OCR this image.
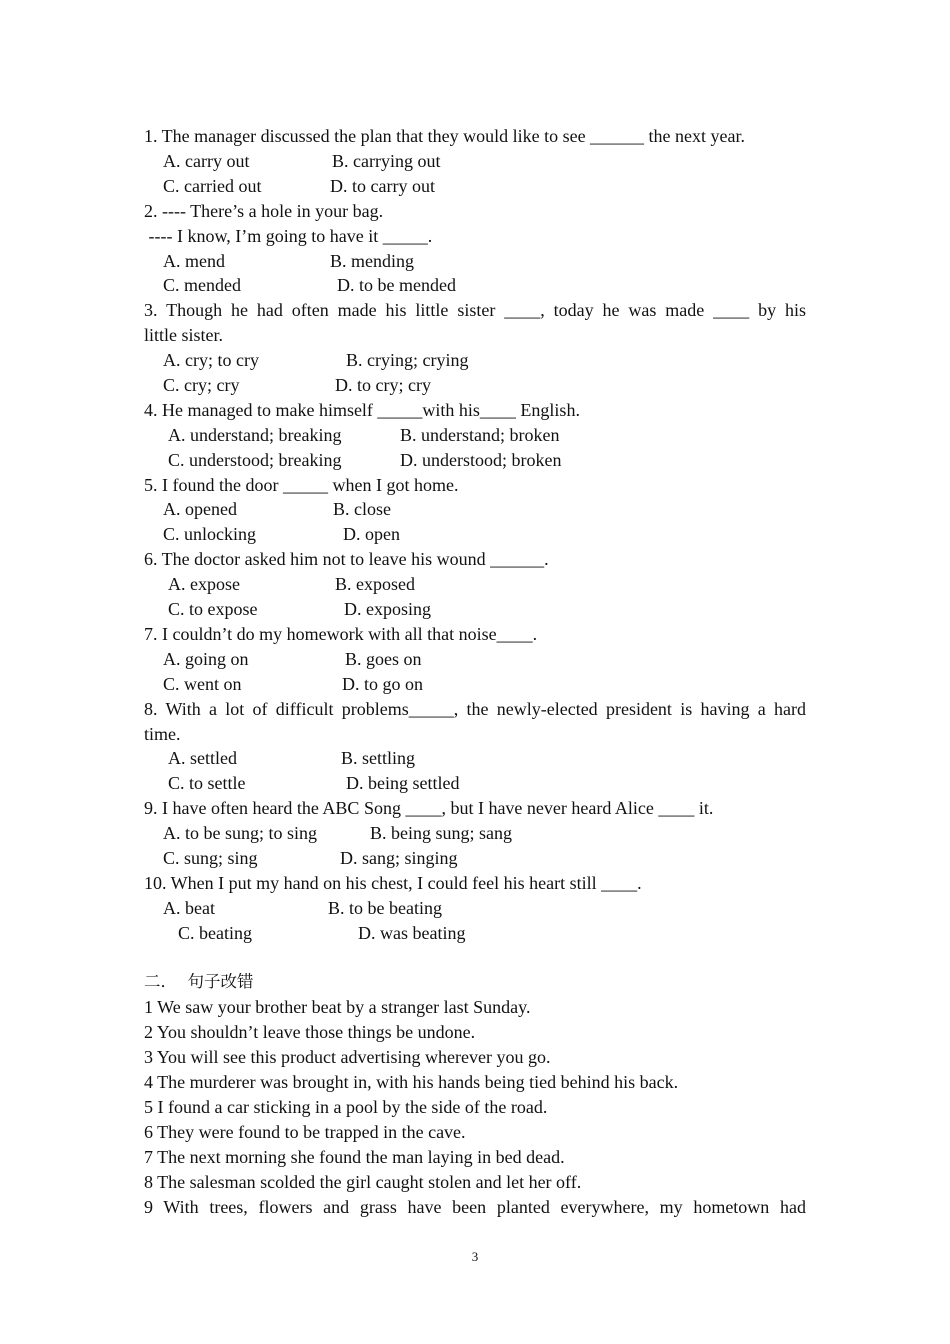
1. The manager discussed the plan that they would like to see ______ the next year.

A. carry out

	B. carrying out

C. carried out

	D. to carry out

2. ---- There’s a hole in your bag.
---- I know, I’m going to have it _____.

A. mend

	B. mending

C. mended

	D. to be mended

3. Though he had often made his little sister ____, today he was made ____ by his
little sister.

A. cry; to cry

	B. crying; crying

C. cry; cry

	D. to cry; cry

4. He managed to make himself _____with his____ English.

A. understand; breaking

	B. understand; broken

C. understood; breaking

	D. understood; broken

5. I found the door _____ when I got home.

A. opened

	B. close

C. unlocking

	D. open

6. The doctor asked him not to leave his wound ______.

A. expose

	B. exposed

C. to expose

	D. exposing

7. I couldn’t do my homework with all that noise____.

A. going on

	B. goes on

C. went on

	D. to go on

8. With a lot of difficult problems_____, the newly-elected president is having a hard
time.

A. settled

	B. settling

C. to settle

	D. being settled

9. I have often heard the ABC Song ____, but I have never heard Alice ____ it.

A. to be sung; to sing

	B. being sung; sang

C. sung; sing

	D. sang; singing

10. When I put my hand on his chest, I could feel his heart still ____.

A. beat

	B. to be beating

C. beating

	D. was beating

二．  句子改错
1 We saw your brother beat by a stranger last Sunday.
2 You shouldn’t leave those things be undone.
3 You will see this product advertising wherever you go.
4 The murderer was brought in, with his hands being tied behind his back.
5 I found a car sticking in a pool by the side of the road.
6 They were found to be trapped in the cave.
7 The next morning she found the man laying in bed dead.
8 The salesman scolded the girl caught stolen and let her off.
9 With trees, flowers and grass have been planted everywhere, my hometown had
3
